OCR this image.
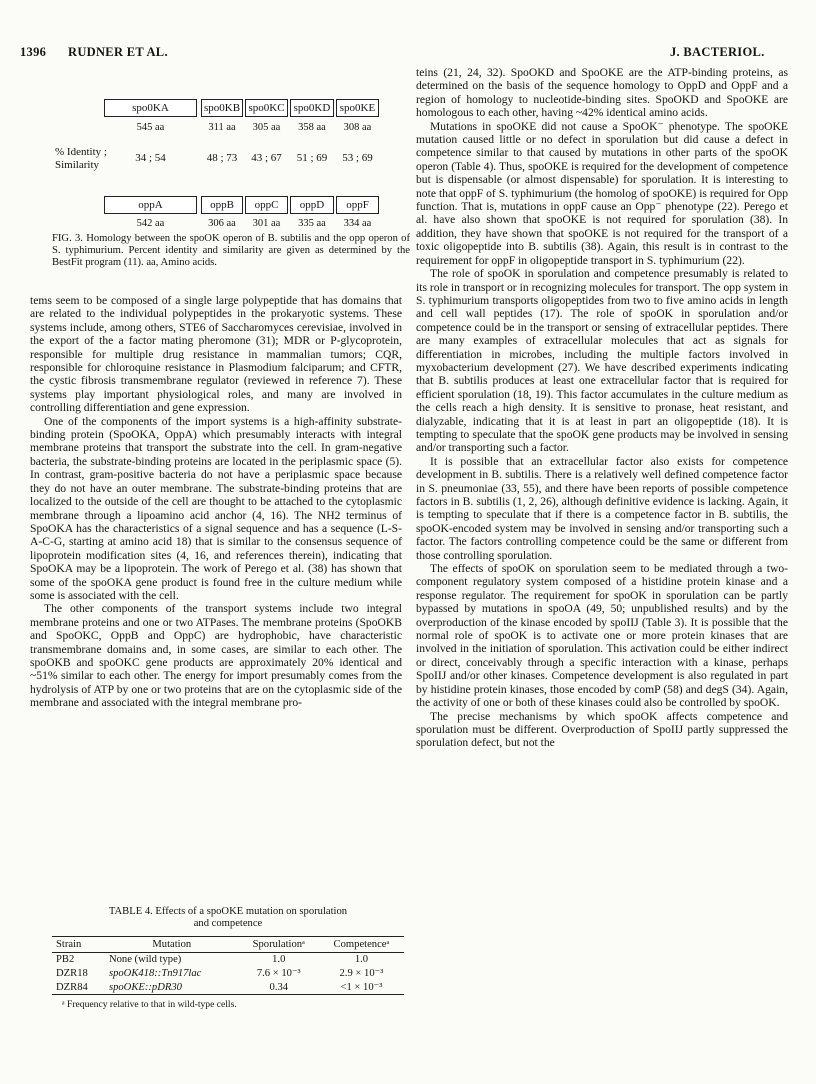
1396 RUDNER ET AL.	J. BACTERIOL.
spo0KA	spo0KB spo0KC spo0KD spo0KE
545 aa	311 aa	305 aa	358 aa	308 aa
% Identity ;
Similarity
34 ; 54	48 ; 73	43 ; 67	51 ; 69	53 ; 69
oppA	oppB	oppC	oppD	oppF
542 aa	306 aa	301 aa	335 aa	334 aa
FIG. 3. Homology between the spoOK operon of B. subtilis and the opp operon of S. typhimurium. Percent identity and similarity are given as determined by the BestFit program (11). aa, Amino acids.

tems seem to be composed of a single large polypeptide that has domains that are related to the individual polypeptides in the prokaryotic systems. These systems include, among others, STE6 of Saccharomyces cerevisiae, involved in the export of the a factor mating pheromone (31); MDR or P-glycoprotein, responsible for multiple drug resistance in mammalian tumors; CQR, responsible for chloroquine resistance in Plasmodium falciparum; and CFTR, the cystic fibrosis transmembrane regulator (reviewed in reference 7). These systems play important physiological roles, and many are involved in controlling differentiation and gene expression.

One of the components of the import systems is a high-affinity substrate-binding protein (SpoOKA, OppA) which presumably interacts with integral membrane proteins that transport the substrate into the cell. In gram-negative bacteria, the substrate-binding proteins are located in the periplasmic space (5). In contrast, gram-positive bacteria do not have a periplasmic space because they do not have an outer membrane. The substrate-binding proteins that are localized to the outside of the cell are thought to be attached to the cytoplasmic membrane through a lipoamino acid anchor (4, 16). The NH2 terminus of SpoOKA has the characteristics of a signal sequence and has a sequence (L-S-A-C-G, starting at amino acid 18) that is similar to the consensus sequence of lipoprotein modification sites (4, 16, and references therein), indicating that SpoOKA may be a lipoprotein. The work of Perego et al. (38) has shown that some of the spoOKA gene product is found free in the culture medium while some is associated with the cell.

The other components of the transport systems include two integral membrane proteins and one or two ATPases. The membrane proteins (SpoOKB and SpoOKC, OppB and OppC) are hydrophobic, have characteristic transmembrane domains and, in some cases, are similar to each other. The spoOKB and spoOKC gene products are approximately 20% identical and ~51% similar to each other. The energy for import presumably comes from the hydrolysis of ATP by one or two proteins that are on the cytoplasmic side of the membrane and associated with the integral membrane pro-

TABLE 4. Effects of a spoOKE mutation on sporulation
and competence
Strain	Mutation	Sporulationᵃ	Competenceᵃ
PB2	None (wild type)	1.0	1.0
DZR18	spoOK418::Tn917lac	7.6 × 10⁻³	2.9 × 10⁻³
DZR84	spoOKE::pDR30	0.34	<1 × 10⁻³
ᵃ Frequency relative to that in wild-type cells.

teins (21, 24, 32). SpoOKD and SpoOKE are the ATP-binding proteins, as determined on the basis of the sequence homology to OppD and OppF and a region of homology to nucleotide-binding sites. SpoOKD and SpoOKE are homologous to each other, having ~42% identical amino acids.

Mutations in spoOKE did not cause a SpoOK⁻ phenotype. The spoOKE mutation caused little or no defect in sporulation but did cause a defect in competence similar to that caused by mutations in other parts of the spoOK operon (Table 4). Thus, spoOKE is required for the development of competence but is dispensable (or almost dispensable) for sporulation. It is interesting to note that oppF of S. typhimurium (the homolog of spoOKE) is required for Opp function. That is, mutations in oppF cause an Opp⁻ phenotype (22). Perego et al. have also shown that spoOKE is not required for sporulation (38). In addition, they have shown that spoOKE is not required for the transport of a toxic oligopeptide into B. subtilis (38). Again, this result is in contrast to the requirement for oppF in oligopeptide transport in S. typhimurium (22).

The role of spoOK in sporulation and competence presumably is related to its role in transport or in recognizing molecules for transport. The opp system in S. typhimurium transports oligopeptides from two to five amino acids in length and cell wall peptides (17). The role of spoOK in sporulation and/or competence could be in the transport or sensing of extracellular peptides. There are many examples of extracellular molecules that act as signals for differentiation in microbes, including the multiple factors involved in myxobacterium development (27). We have described experiments indicating that B. subtilis produces at least one extracellular factor that is required for efficient sporulation (18, 19). This factor accumulates in the culture medium as the cells reach a high density. It is sensitive to pronase, heat resistant, and dialyzable, indicating that it is at least in part an oligopeptide (18). It is tempting to speculate that the spoOK gene products may be involved in sensing and/or transporting such a factor.

It is possible that an extracellular factor also exists for competence development in B. subtilis. There is a relatively well defined competence factor in S. pneumoniae (33, 55), and there have been reports of possible competence factors in B. subtilis (1, 2, 26), although definitive evidence is lacking. Again, it is tempting to speculate that if there is a competence factor in B. subtilis, the spoOK-encoded system may be involved in sensing and/or transporting such a factor. The factors controlling competence could be the same or different from those controlling sporulation.

The effects of spoOK on sporulation seem to be mediated through a two-component regulatory system composed of a histidine protein kinase and a response regulator. The requirement for spoOK in sporulation can be partly bypassed by mutations in spoOA (49, 50; unpublished results) and by the overproduction of the kinase encoded by spoIIJ (Table 3). It is possible that the normal role of spoOK is to activate one or more protein kinases that are involved in the initiation of sporulation. This activation could be either indirect or direct, conceivably through a specific interaction with a kinase, perhaps SpoIIJ and/or other kinases. Competence development is also regulated in part by histidine protein kinases, those encoded by comP (58) and degS (34). Again, the activity of one or both of these kinases could also be controlled by spoOK.

The precise mechanisms by which spoOK affects competence and sporulation must be different. Overproduction of SpoIIJ partly suppressed the sporulation defect, but not the
